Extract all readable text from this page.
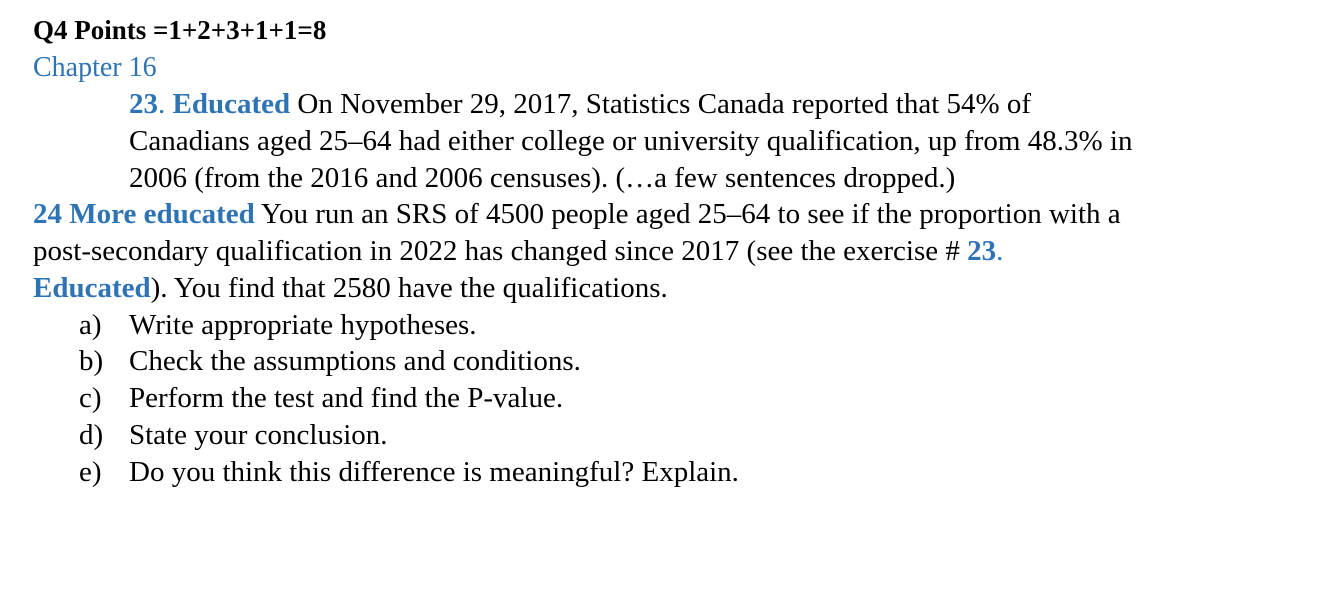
Q4 Points =1+2+3+1+1=8
Chapter 16
23. Educated On November 29, 2017, Statistics Canada reported that 54% of
Canadians aged 25–64 had either college or university qualification, up from 48.3% in
2006 (from the 2016 and 2006 censuses). (…a few sentences dropped.)
24 More educated You run an SRS of 4500 people aged 25–64 to see if the proportion with a
post-secondary qualification in 2022 has changed since 2017 (see the exercise # 23.
Educated). You find that 2580 have the qualifications.
a) Write appropriate hypotheses.
b) Check the assumptions and conditions.
c) Perform the test and find the P-value.
d) State your conclusion.
e) Do you think this difference is meaningful? Explain.
